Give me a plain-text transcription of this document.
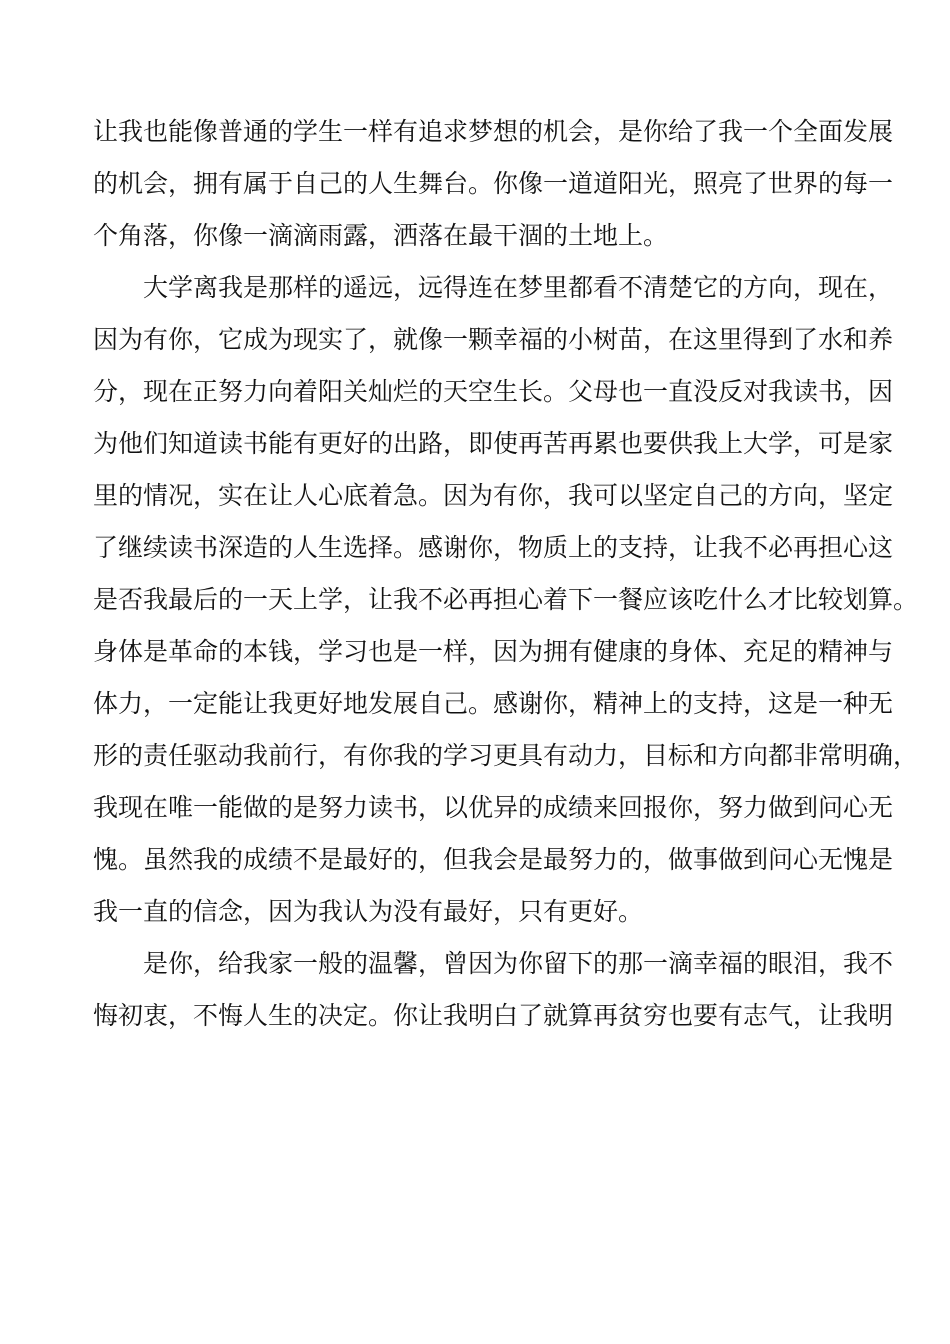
让我也能像普通的学生一样有追求梦想的机会，是你给了我一个全面发展
的机会，拥有属于自己的人生舞台。你像一道道阳光，照亮了世界的每一
个角落，你像一滴滴雨露，洒落在最干涸的土地上。
大学离我是那样的遥远，远得连在梦里都看不清楚它的方向，现在，
因为有你，它成为现实了，就像一颗幸福的小树苗，在这里得到了水和养
分，现在正努力向着阳关灿烂的天空生长。父母也一直没反对我读书，因
为他们知道读书能有更好的出路，即使再苦再累也要供我上大学，可是家
里的情况，实在让人心底着急。因为有你，我可以坚定自己的方向，坚定
了继续读书深造的人生选择。感谢你，物质上的支持，让我不必再担心这
是否我最后的一天上学，让我不必再担心着下一餐应该吃什么才比较划算。
身体是革命的本钱，学习也是一样，因为拥有健康的身体、充足的精神与
体力，一定能让我更好地发展自己。感谢你，精神上的支持，这是一种无
形的责任驱动我前行，有你我的学习更具有动力，目标和方向都非常明确，
我现在唯一能做的是努力读书，以优异的成绩来回报你，努力做到问心无
愧。虽然我的成绩不是最好的，但我会是最努力的，做事做到问心无愧是
我一直的信念，因为我认为没有最好，只有更好。
是你，给我家一般的温馨，曾因为你留下的那一滴幸福的眼泪，我不
悔初衷，不悔人生的决定。你让我明白了就算再贫穷也要有志气，让我明
